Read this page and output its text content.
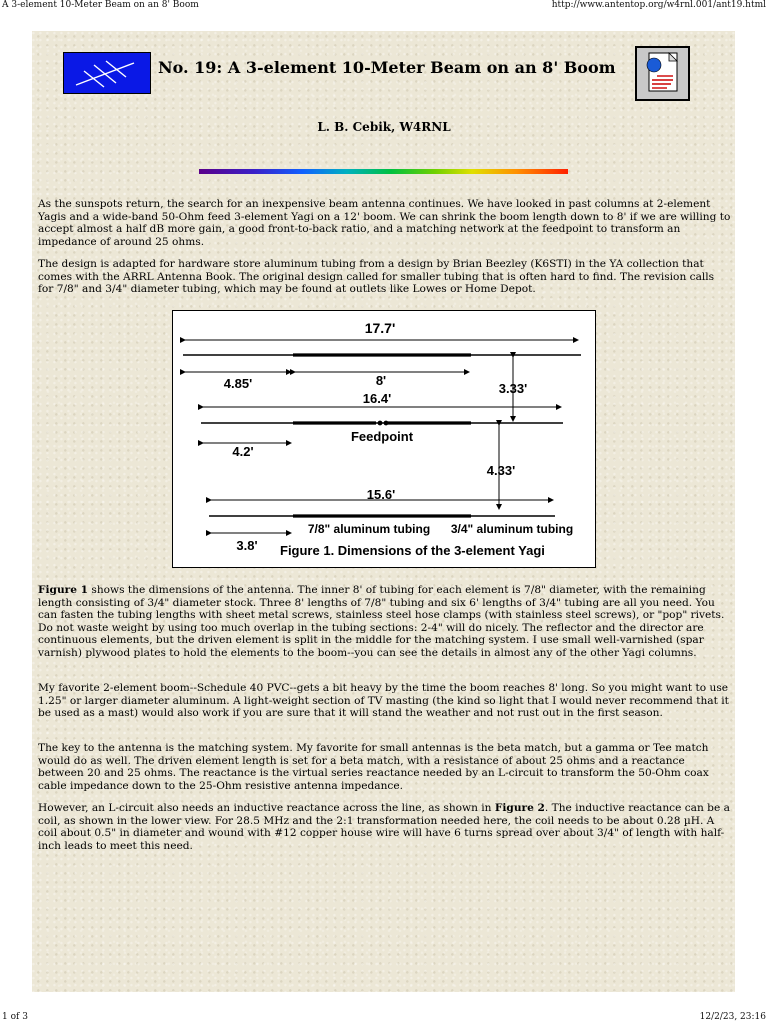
A 3-element 10-Meter Beam on an 8' Boom	http://www.antentop.org/w4rnl.001/ant19.html
No. 19: A 3-element 10-Meter Beam on an 8' Boom
L. B. Cebik, W4RNL

As the sunspots return, the search for an inexpensive beam antenna continues. We have looked in past columns at 2-element Yagis and a wide-band 50-Ohm feed 3-element Yagi on a 12' boom. We can shrink the boom length down to 8' if we are willing to accept almost a half dB more gain, a good front-to-back ratio, and a matching network at the feedpoint to transform an impedance of around 25 ohms.

The design is adapted for hardware store aluminum tubing from a design by Brian Beezley (K6STI) in the YA collection that comes with the ARRL Antenna Book. The original design called for smaller tubing that is often hard to find. The revision calls for 7/8" and 3/4" diameter tubing, which may be found at outlets like Lowes or Home Depot.

17.7'
4.85'	8'
3.33'
16.4'
Feedpoint
4.2'
4.33'
15.6'
7/8" aluminum tubing 3/4" aluminum tubing
3.8' Figure 1. Dimensions of the 3-element Yagi

Figure 1 shows the dimensions of the antenna. The inner 8' of tubing for each element is 7/8" diameter, with the remaining length consisting of 3/4" diameter stock. Three 8' lengths of 7/8" tubing and six 6' lengths of 3/4" tubing are all you need. You can fasten the tubing lengths with sheet metal screws, stainless steel hose clamps (with stainless steel screws), or "pop" rivets. Do not waste weight by using too much overlap in the tubing sections: 2-4" will do nicely. The reflector and the director are continuous elements, but the driven element is split in the middle for the matching system. I use small well-varnished (spar varnish) plywood plates to hold the elements to the boom--you can see the details in almost any of the other Yagi columns.

My favorite 2-element boom--Schedule 40 PVC--gets a bit heavy by the time the boom reaches 8' long. So you might want to use 1.25" or larger diameter aluminum. A light-weight section of TV masting (the kind so light that I would never recommend that it be used as a mast) would also work if you are sure that it will stand the weather and not rust out in the first season.

The key to the antenna is the matching system. My favorite for small antennas is the beta match, but a gamma or Tee match would do as well. The driven element length is set for a beta match, with a resistance of about 25 ohms and a reactance between 20 and 25 ohms. The reactance is the virtual series reactance needed by an L-circuit to transform the 50-Ohm coax cable impedance down to the 25-Ohm resistive antenna impedance.

However, an L-circuit also needs an inductive reactance across the line, as shown in Figure 2. The inductive reactance can be a coil, as shown in the lower view. For 28.5 MHz and the 2:1 transformation needed here, the coil needs to be about 0.28 µH. A coil about 0.5" in diameter and wound with #12 copper house wire will have 6 turns spread over about 3/4" of length with half-inch leads to meet this need.

1 of 3	12/2/23, 23:16
